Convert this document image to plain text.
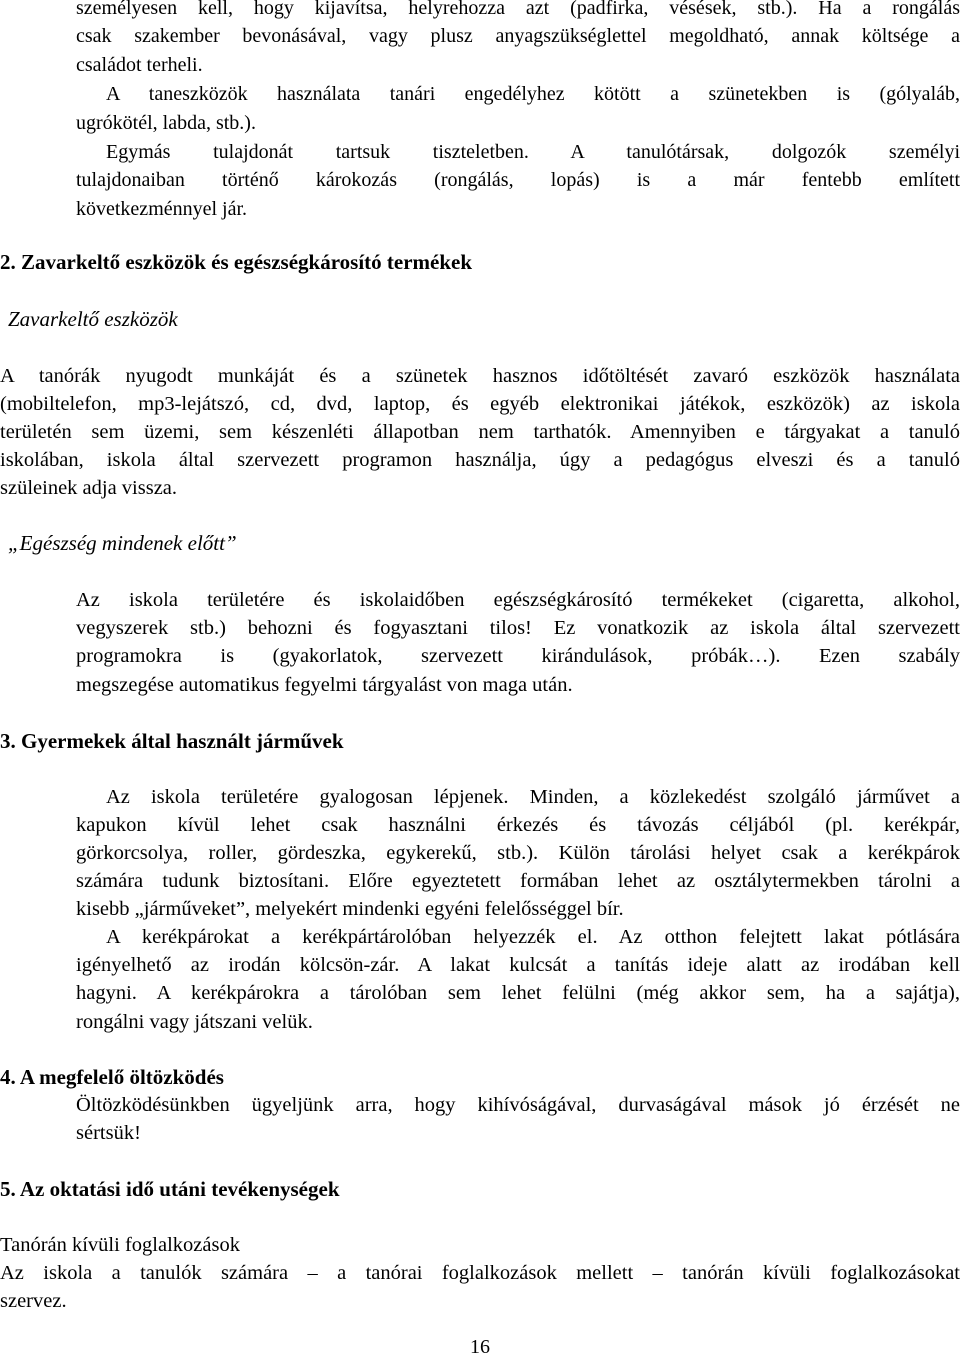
személyesen kell, hogy kijavítsa, helyrehozza azt (padfirka, vésések, stb.). Ha a rongálás

csak szakember bevonásával, vagy plusz anyagszükséglettel megoldható, annak költsége a

családot terheli.

A taneszközök használata tanári engedélyhez kötött a szünetekben is (gólyaláb,

ugrókötél, labda, stb.).

Egymás tulajdonát tartsuk tiszteletben. A tanulótársak, dolgozók személyi

tulajdonaiban történő károkozás (rongálás, lopás) is a már fentebb említett

következménnyel jár.

2. Zavarkeltő eszközök és egészségkárosító termékek

Zavarkeltő eszközök

A tanórák nyugodt munkáját és a szünetek hasznos időtöltését zavaró eszközök használata

(mobiltelefon, mp3-lejátszó, cd, dvd, laptop, és egyéb elektronikai játékok, eszközök) az iskola

területén sem üzemi, sem készenléti állapotban nem tarthatók. Amennyiben e tárgyakat a tanuló

iskolában, iskola által szervezett programon használja, úgy a pedagógus elveszi és a tanuló

szüleinek adja vissza.

„Egészség mindenek előtt”

Az iskola területére és iskolaidőben egészségkárosító termékeket (cigaretta, alkohol,

vegyszerek stb.) behozni és fogyasztani tilos! Ez vonatkozik az iskola által szervezett

programokra is (gyakorlatok, szervezett kirándulások, próbák…). Ezen szabály

megszegése automatikus fegyelmi tárgyalást von maga után.

3. Gyermekek által használt járművek

Az iskola területére gyalogosan lépjenek. Minden, a közlekedést szolgáló járművet a

kapukon kívül lehet csak használni érkezés és távozás céljából (pl. kerékpár,

görkorcsolya, roller, gördeszka, egykerekű, stb.). Külön tárolási helyet csak a kerékpárok

számára tudunk biztosítani. Előre egyeztetett formában lehet az osztálytermekben tárolni a

kisebb „járműveket”, melyekért mindenki egyéni felelősséggel bír.

A kerékpárokat a kerékpártárolóban helyezzék el. Az otthon felejtett lakat pótlására

igényelhető az irodán kölcsön-zár. A lakat kulcsát a tanítás ideje alatt az irodában kell

hagyni. A kerékpárokra a tárolóban sem lehet felülni (még akkor sem, ha a sajátja),

rongálni vagy játszani velük.

4. A megfelelő öltözködés

Öltözködésünkben ügyeljünk arra, hogy kihívóságával, durvaságával mások jó érzését ne

sértsük!

5. Az oktatási idő utáni tevékenységek

Tanórán kívüli foglalkozások

Az iskola a tanulók számára – a tanórai foglalkozások mellett – tanórán kívüli foglalkozásokat

szervez.

16
